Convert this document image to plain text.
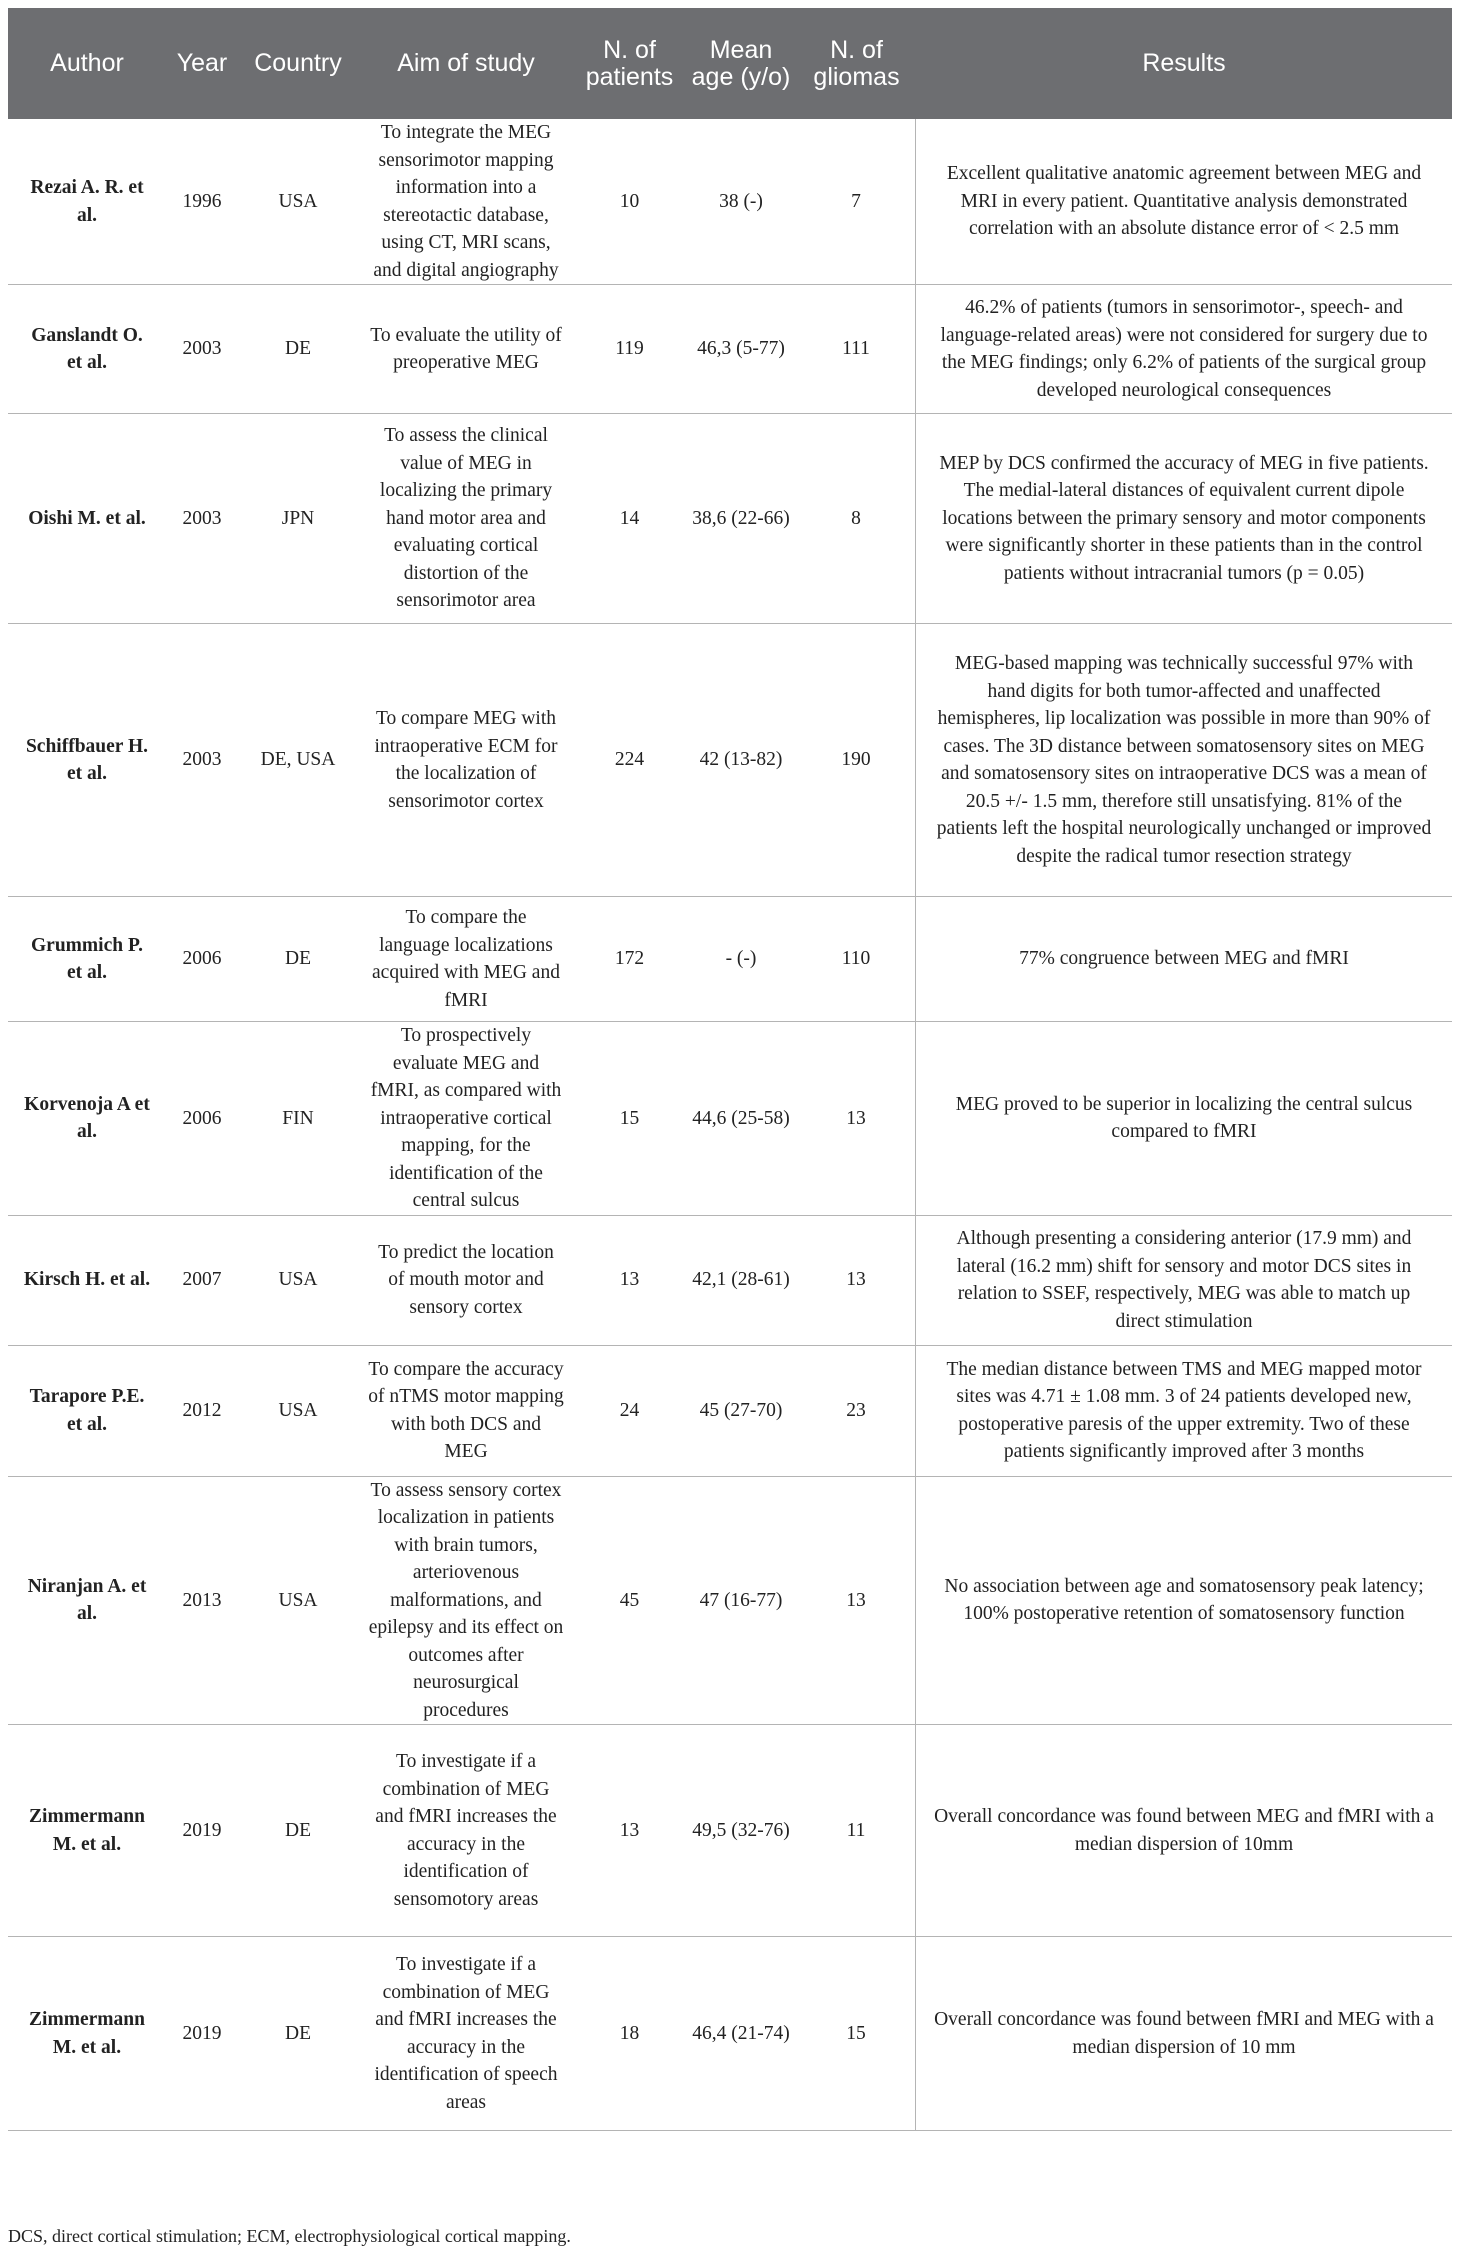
Author	Year	Country	Aim of study	N. of patients	Mean age (y/o)	N. of gliomas	Results
Rezai A. R. et al.	1996	USA	To integrate the MEG sensorimotor mapping information into a stereotactic database, using CT, MRI scans, and digital angiography	10	38 (-)	7	Excellent qualitative anatomic agreement between MEG and MRI in every patient. Quantitative analysis demonstrated correlation with an absolute distance error of < 2.5 mm
Ganslandt O. et al.	2003	DE	To evaluate the utility of preoperative MEG	119	46,3 (5-77)	111	46.2% of patients (tumors in sensorimotor-, speech- and language-related areas) were not considered for surgery due to the MEG findings; only 6.2% of patients of the surgical group developed neurological consequences
Oishi M. et al.	2003	JPN	To assess the clinical value of MEG in localizing the primary hand motor area and evaluating cortical distortion of the sensorimotor area	14	38,6 (22-66)	8	MEP by DCS confirmed the accuracy of MEG in five patients. The medial-lateral distances of equivalent current dipole locations between the primary sensory and motor components were significantly shorter in these patients than in the control patients without intracranial tumors (p = 0.05)
Schiffbauer H. et al.	2003	DE, USA	To compare MEG with intraoperative ECM for the localization of sensorimotor cortex	224	42 (13-82)	190	MEG-based mapping was technically successful 97% with hand digits for both tumor-affected and unaffected hemispheres, lip localization was possible in more than 90% of cases. The 3D distance between somatosensory sites on MEG and somatosensory sites on intraoperative DCS was a mean of 20.5 +/- 1.5 mm, therefore still unsatisfying. 81% of the patients left the hospital neurologically unchanged or improved despite the radical tumor resection strategy
Grummich P. et al.	2006	DE	To compare the language localizations acquired with MEG and fMRI	172	- (-)	110	77% congruence between MEG and fMRI
Korvenoja A et al.	2006	FIN	To prospectively evaluate MEG and fMRI, as compared with intraoperative cortical mapping, for the identification of the central sulcus	15	44,6 (25-58)	13	MEG proved to be superior in localizing the central sulcus compared to fMRI
Kirsch H. et al.	2007	USA	To predict the location of mouth motor and sensory cortex	13	42,1 (28-61)	13	Although presenting a considering anterior (17.9 mm) and lateral (16.2 mm) shift for sensory and motor DCS sites in relation to SSEF, respectively, MEG was able to match up direct stimulation
Tarapore P.E. et al.	2012	USA	To compare the accuracy of nTMS motor mapping with both DCS and MEG	24	45 (27-70)	23	The median distance between TMS and MEG mapped motor sites was 4.71 ± 1.08 mm. 3 of 24 patients developed new, postoperative paresis of the upper extremity. Two of these patients significantly improved after 3 months
Niranjan A. et al.	2013	USA	To assess sensory cortex localization in patients with brain tumors, arteriovenous malformations, and epilepsy and its effect on outcomes after neurosurgical procedures	45	47 (16-77)	13	No association between age and somatosensory peak latency; 100% postoperative retention of somatosensory function
Zimmermann M. et al.	2019	DE	To investigate if a combination of MEG and fMRI increases the accuracy in the identification of sensomotory areas	13	49,5 (32-76)	11	Overall concordance was found between MEG and fMRI with a median dispersion of 10mm
Zimmermann M. et al.	2019	DE	To investigate if a combination of MEG and fMRI increases the accuracy in the identification of speech areas	18	46,4 (21-74)	15	Overall concordance was found between fMRI and MEG with a median dispersion of 10 mm
DCS, direct cortical stimulation; ECM, electrophysiological cortical mapping.
